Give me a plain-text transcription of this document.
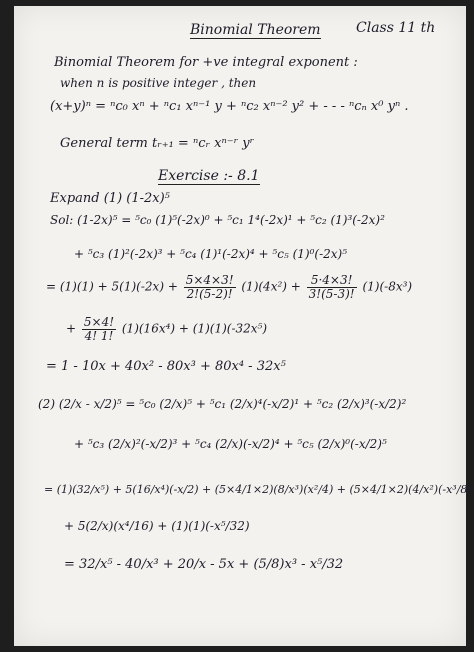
Binomial Theorem	Class 11 th
Binomial Theorem for +ve integral exponent :
when n is positive integer , then
(x+y)ⁿ = ⁿc₀ xⁿ + ⁿc₁ xⁿ⁻¹ y + ⁿc₂ xⁿ⁻² y² + - - - ⁿcₙ x⁰ yⁿ .
General term tᵣ₊₁ = ⁿcᵣ xⁿ⁻ʳ yʳ
Exercise :- 8.1
Expand (1) (1-2x)⁵
Sol: (1-2x)⁵ = ⁵c₀ (1)⁵(-2x)⁰ + ⁵c₁ 1⁴(-2x)¹ + ⁵c₂ (1)³(-2x)²
+ ⁵c₃ (1)²(-2x)³ + ⁵c₄ (1)¹(-2x)⁴ + ⁵c₅ (1)⁰(-2x)⁵
= $(1)(1) + 5(1)(-2x) + \frac{5\times 4\times 3!}{2!(5-2)!} (1)(4x^2) + \frac{5\cdot 4\times 3!}{3!(5-3)!} (1)(-8x^3)$
+ $\frac{5\times 4!}{4! 1!} (1)(16x^4) + (1)(1)(-32x^5)$
= 1 - 10x + 40x² - 80x³ + 80x⁴ - 32x⁵
(2) (2/x - x/2)⁵ = ⁵c₀ (2/x)⁵ + ⁵c₁ (2/x)⁴(-x/2)¹ + ⁵c₂ (2/x)³(-x/2)²
+ ⁵c₃ (2/x)²(-x/2)³ + ⁵c₄ (2/x)(-x/2)⁴ + ⁵c₅ (2/x)⁰(-x/2)⁵
= (1)(32/x⁵) + 5(16/x⁴)(-x/2) + (5×4/1×2)(8/x³)(x²/4) + (5×4/1×2)(4/x²)(-x³/8)
+ 5(2/x)(x⁴/16) + (1)(1)(-x⁵/32)
= 32/x⁵ - 40/x³ + 20/x - 5x + (5/8)x³ - x⁵/32
